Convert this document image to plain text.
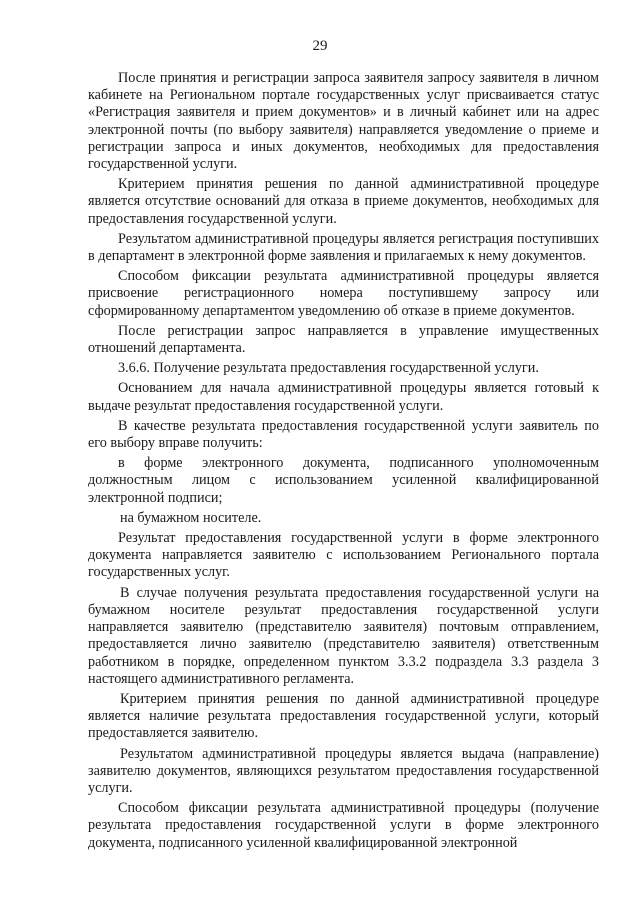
29

После принятия и регистрации запроса заявителя запросу заявителя в личном кабинете на Региональном портале государственных услуг присваивается статус «Регистрация заявителя и прием документов» и в личный кабинет или на адрес электронной почты (по выбору заявителя) направляется уведомление о приеме и регистрации запроса и иных документов, необходимых для предоставления государственной услуги.

Критерием принятия решения по данной административной процедуре является отсутствие оснований для отказа в приеме документов, необходимых для предоставления государственной услуги.

Результатом административной процедуры является регистрация поступивших в департамент в электронной форме заявления и прилагаемых к нему документов.

Способом фиксации результата административной процедуры является присвоение регистрационного номера поступившему запросу или сформированному департаментом уведомлению об отказе в приеме документов.

После регистрации запрос направляется в управление имущественных отношений департамента.

3.6.6. Получение результата предоставления государственной услуги.

Основанием для начала административной процедуры является готовый к выдаче результат предоставления государственной услуги.

В качестве результата предоставления государственной услуги заявитель по его выбору вправе получить:

в форме электронного документа, подписанного уполномоченным должностным лицом с использованием усиленной квалифицированной электронной подписи;

на бумажном носителе.

Результат предоставления государственной услуги в форме электронного документа направляется заявителю с использованием Регионального портала государственных услуг.

В случае получения результата предоставления государственной услуги на бумажном носителе результат предоставления государственной услуги направляется заявителю (представителю заявителя) почтовым отправлением, предоставляется лично заявителю (представителю заявителя) ответственным работником в порядке, определенном пунктом 3.3.2 подраздела 3.3 раздела 3 настоящего административного регламента.

Критерием принятия решения по данной административной процедуре является наличие результата предоставления государственной услуги, который предоставляется заявителю.

Результатом административной процедуры является выдача (направление) заявителю документов, являющихся результатом предоставления государственной услуги.

Способом фиксации результата административной процедуры (получение результата предоставления государственной услуги в форме электронного документа, подписанного усиленной квалифицированной электронной
